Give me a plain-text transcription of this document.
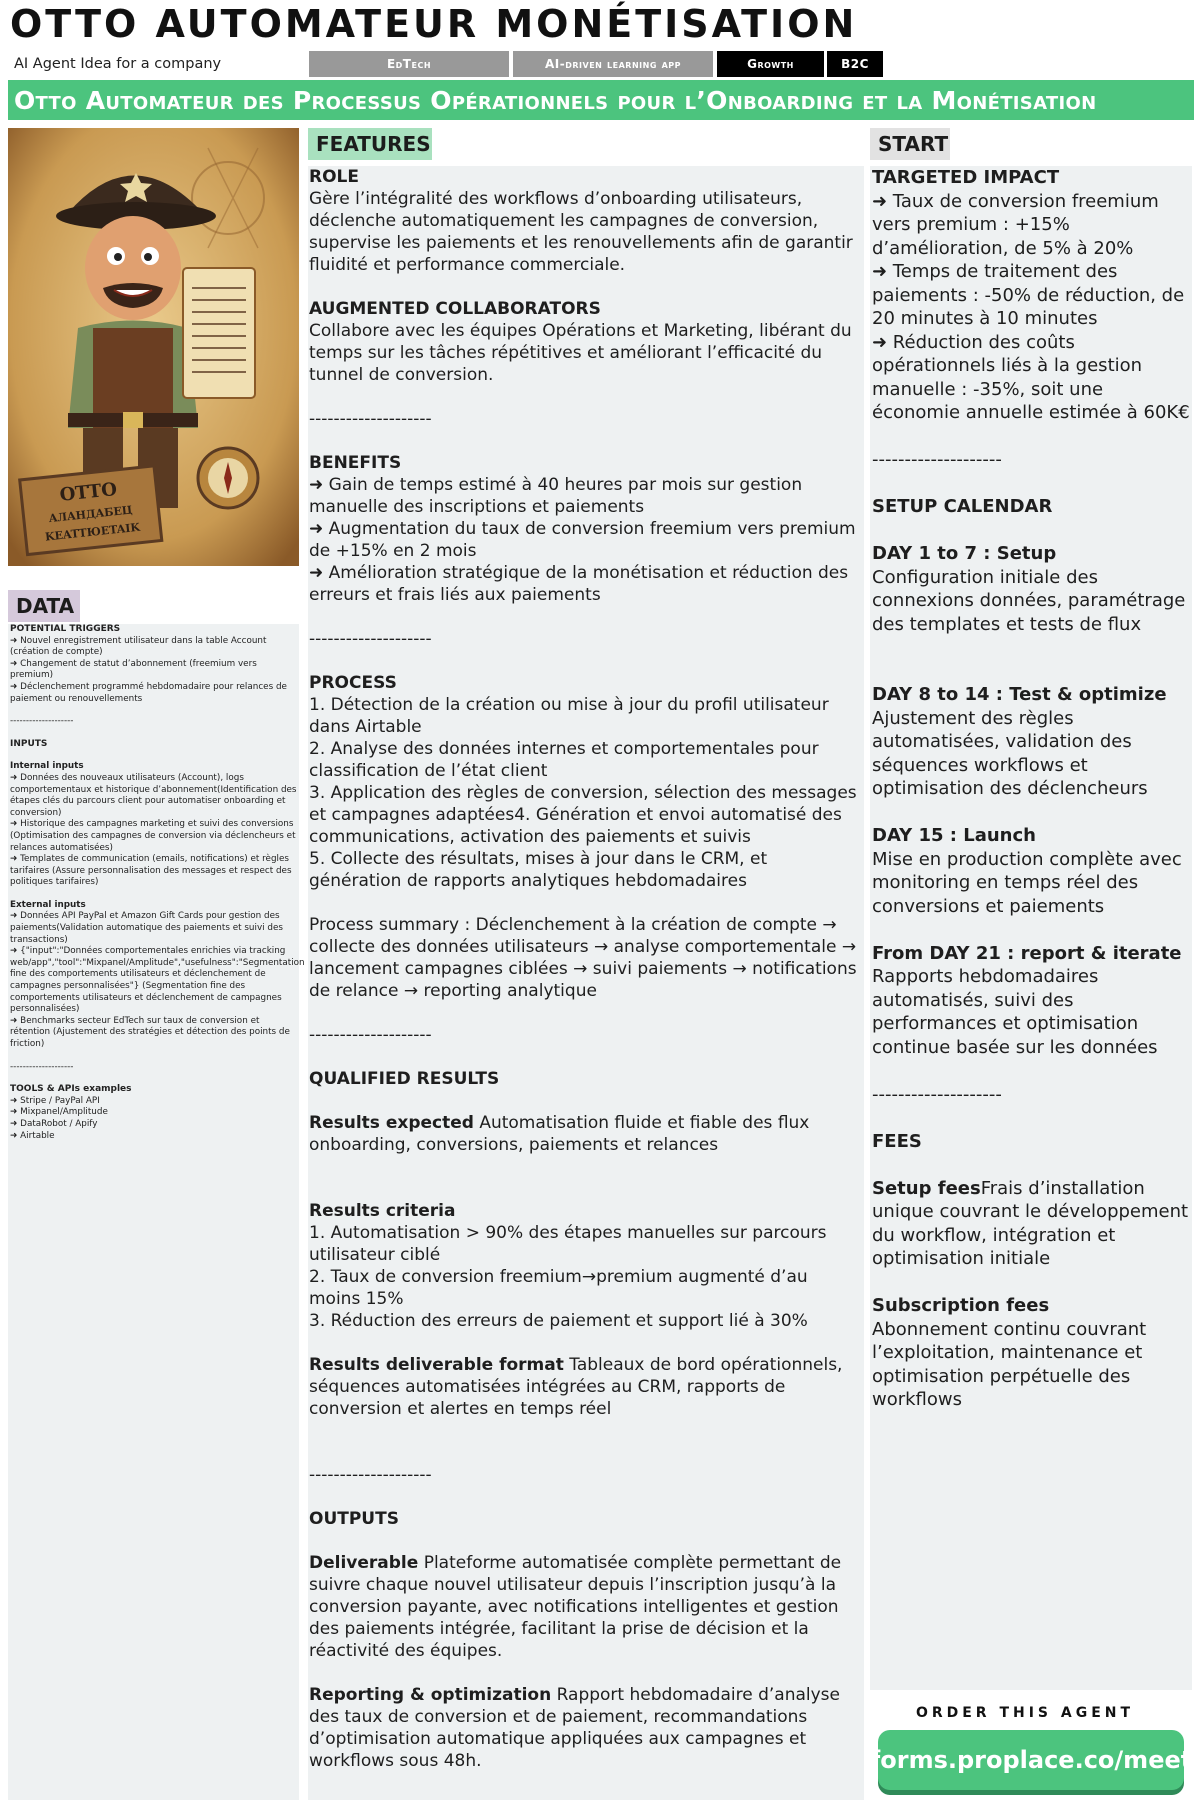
OTTO AUTOMATEUR MONÉTISATION
AI Agent Idea for a company	EdTech	AI-driven learning app	Growth	B2C
Otto Automateur des Processus Opérationnels pour l’Onboarding et la Monétisation
OTTO
AЛAHДAБEЦ
KEATTЮETAIK
DATA

POTENTIAL TRIGGERS

➜ Nouvel enregistrement utilisateur dans la table Account (création de compte)

➜ Changement de statut d’abonnement (freemium vers premium)

➜ Déclenchement programmé hebdomadaire pour relances de paiement ou renouvellements

--------------------

INPUTS

Internal inputs

➜ Données des nouveaux utilisateurs (Account), logs comportementaux et historique d’abonnement(Identification des étapes clés du parcours client pour automatiser onboarding et conversion)

➜ Historique des campagnes marketing et suivi des conversions (Optimisation des campagnes de conversion via déclencheurs et relances automatisées)

➜ Templates de communication (emails, notifications) et règles tarifaires (Assure personnalisation des messages et respect des politiques tarifaires)

External inputs

➜ Données API PayPal et Amazon Gift Cards pour gestion des paiements(Validation automatique des paiements et suivi des transactions)

➜ {"input":"Données comportementales enrichies via tracking web/app","tool":"Mixpanel/Amplitude","usefulness":"Segmentation fine des comportements utilisateurs et déclenchement de campagnes personnalisées"} (Segmentation fine des comportements utilisateurs et déclenchement de campagnes personnalisées)

➜ Benchmarks secteur EdTech sur taux de conversion et rétention (Ajustement des stratégies et détection des points de friction)

--------------------

TOOLS & APIs examples

➜ Stripe / PayPal API

➜ Mixpanel/Amplitude

➜ DataRobot / Apify

➜ Airtable

FEATURES

ROLE

Gère l’intégralité des workflows d’onboarding utilisateurs, déclenche automatiquement les campagnes de conversion, supervise les paiements et les renouvellements afin de garantir fluidité et performance commerciale.

AUGMENTED COLLABORATORS

Collabore avec les équipes Opérations et Marketing, libérant du temps sur les tâches répétitives et améliorant l’efficacité du tunnel de conversion.

--------------------

BENEFITS

➜ Gain de temps estimé à 40 heures par mois sur gestion manuelle des inscriptions et paiements

➜ Augmentation du taux de conversion freemium vers premium de +15% en 2 mois

➜ Amélioration stratégique de la monétisation et réduction des erreurs et frais liés aux paiements

--------------------

PROCESS

1. Détection de la création ou mise à jour du profil utilisateur dans Airtable

2. Analyse des données internes et comportementales pour classification de l’état client

3. Application des règles de conversion, sélection des messages et campagnes adaptées4. Génération et envoi automatisé des communications, activation des paiements et suivis

5. Collecte des résultats, mises à jour dans le CRM, et génération de rapports analytiques hebdomadaires

Process summary : Déclenchement à la création de compte → collecte des données utilisateurs → analyse comportementale → lancement campagnes ciblées → suivi paiements → notifications de relance → reporting analytique

--------------------

QUALIFIED RESULTS

Results expected Automatisation fluide et fiable des flux onboarding, conversions, paiements et relances

Results criteria

1. Automatisation > 90% des étapes manuelles sur parcours utilisateur ciblé

2. Taux de conversion freemium→premium augmenté d’au moins 15%

3. Réduction des erreurs de paiement et support lié à 30%

Results deliverable format Tableaux de bord opérationnels, séquences automatisées intégrées au CRM, rapports de conversion et alertes en temps réel

--------------------

OUTPUTS

Deliverable Plateforme automatisée complète permettant de suivre chaque nouvel utilisateur depuis l’inscription jusqu’à la conversion payante, avec notifications intelligentes et gestion des paiements intégrée, facilitant la prise de décision et la réactivité des équipes.

Reporting & optimization Rapport hebdomadaire d’analyse des taux de conversion et de paiement, recommandations d’optimisation automatique appliquées aux campagnes et workflows sous 48h.

START

TARGETED IMPACT

➜ Taux de conversion freemium vers premium : +15% d’amélioration, de 5% à 20%

➜ Temps de traitement des paiements : -50% de réduction, de 20 minutes à 10 minutes

➜ Réduction des coûts opérationnels liés à la gestion manuelle : -35%, soit une économie annuelle estimée à 60K€

--------------------

SETUP CALENDAR

DAY 1 to 7 : Setup

Configuration initiale des connexions données, paramétrage des templates et tests de flux

DAY 8 to 14 : Test & optimize

Ajustement des règles automatisées, validation des séquences workflows et optimisation des déclencheurs

DAY 15 : Launch

Mise en production complète avec monitoring en temps réel des conversions et paiements

From DAY 21 : report & iterate

Rapports hebdomadaires automatisés, suivi des performances et optimisation continue basée sur les données

--------------------

FEES

Setup feesFrais d’installation unique couvrant le développement du workflow, intégration et optimisation initiale

Subscription fees

Abonnement continu couvrant l’exploitation, maintenance et optimisation perpétuelle des workflows

ORDER THIS AGENT
forms.proplace.co/meet
